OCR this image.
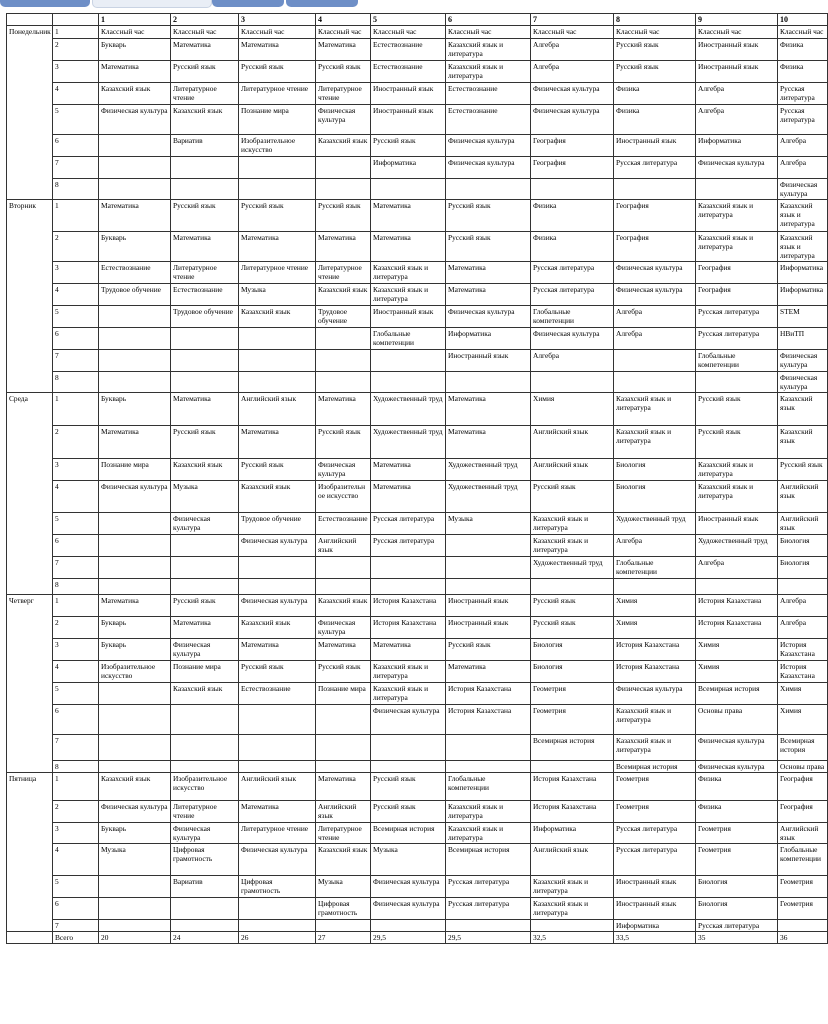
		1	2	3	4	5	6	7	8	9	10
Понедельник	1	Классный час	Классный час	Классный час	Классный час	Классный час	Классный час	Классный час	Классный час	Классный час	Классный час
	2	Букварь	Математика	Математика	Математика	Естествознание	Казахский язык и литература	Алгебра	Русский язык	Иностранный язык	Физика
	3	Математика	Русский язык	Русский язык	Русский язык	Естествознание	Казахский язык и литература	Алгебра	Русский язык	Иностранный язык	Физика
	4	Казахский язык	Литературное чтение	Литературное чтение	Литературное чтение	Иностранный язык	Естествознание	Физическая культура	Физика	Алгебра	Русская литература
	5	Физическая культура	Казахский язык	Познание мира	Физическая культура	Иностранный язык	Естествознание	Физическая культура	Физика	Алгебра	Русская литература
	6		Вариатив	Изобразительное искусство	Казахский язык	Русский язык	Физическая культура	География	Иностранный язык	Информатика	Алгебра
	7					Информатика	Физическая культура	География	Русская литература	Физическая культура	Алгебра
	8										Физическая культура
Вторник	1	Математика	Русский язык	Русский язык	Русский язык	Математика	Русский язык	Физика	География	Казахский язык и литература	Казахский язык и литература
	2	Букварь	Математика	Математика	Математика	Математика	Русский язык	Физика	География	Казахский язык и литература	Казахский язык и литература
	3	Естествознание	Литературное чтение	Литературное чтение	Литературное чтение	Казахский язык и литература	Математика	Русская литература	Физическая культура	География	Информатика
	4	Трудовое обучение	Естествознание	Музыка	Казахский язык	Казахский язык и литература	Математика	Русская литература	Физическая культура	География	Информатика
	5		Трудовое обучение	Казахский язык	Трудовое обучение	Иностранный язык	Физическая культура	Глобальные компетенции	Алгебра	Русская литература	STEM
	6					Глобальные компетенции	Информатика	Физическая культура	Алгебра	Русская литература	НВиТП
	7						Иностранный язык	Алгебра		Глобальные компетенции	Физическая культура
	8										Физическая культура
Среда	1	Букварь	Математика	Английский язык	Математика	Художественный труд	Математика	Химия	Казахский язык и литература	Русский язык	Казахский язык
	2	Математика	Русский язык	Математика	Русский язык	Художественный труд	Математика	Английский язык	Казахский язык и литература	Русский язык	Казахский язык
	3	Познание мира	Казахский язык	Русский язык	Физическая культура	Математика	Художественный труд	Английский язык	Биология	Казахский язык и литература	Русский язык
	4	Физическая культура	Музыка	Казахский язык	Изобразительное искусство	Математика	Художественный труд	Русский язык	Биология	Казахский язык и литература	Английский язык
	5		Физическая культура	Трудовое обучение	Естествознание	Русская литература	Музыка	Казахский язык и литература	Художественный труд	Иностранный язык	Английский язык
	6			Физическая культура	Английский язык	Русская литература		Казахский язык и литература	Алгебра	Художественный труд	Биология
	7							Художественный труд	Глобальные компетенции	Алгебра	Биология
	8										
Четверг	1	Математика	Русский язык	Физическая культура	Казахский язык	История Казахстана	Иностранный язык	Русский язык	Химия	История Казахстана	Алгебра
	2	Букварь	Математика	Казахский язык	Физическая культура	История Казахстана	Иностранный язык	Русский язык	Химия	История Казахстана	Алгебра
	3	Букварь	Физическая культура	Математика	Математика	Математика	Русский язык	Биология	История Казахстана	Химия	История Казахстана
	4	Изобразительное искусство	Познание мира	Русский язык	Русский язык	Казахский язык и литература	Математика	Биология	История Казахстана	Химия	История Казахстана
	5		Казахский язык	Естествознание	Познание мира	Казахский язык и литература	История Казахстана	Геометрия	Физическая культура	Всемирная история	Химия
	6					Физическая культура	История Казахстана	Геометрия	Казахский язык и литература	Основы права	Химия
	7							Всемирная история	Казахский язык и литература	Физическая культура	Всемирная история
	8								Всемирная история	Физическая культура	Основы права
Пятница	1	Казахский язык	Изобразительное искусство	Английский язык	Математика	Русский язык	Глобальные компетенции	История Казахстана	Геометрия	Физика	География
	2	Физическая культура	Литературное чтение	Математика	Английский язык	Русский язык	Казахский язык и литература	История Казахстана	Геометрия	Физика	География
	3	Букварь	Физическая культура	Литературное чтение	Литературное чтение	Всемирная история	Казахский язык и литература	Информатика	Русская литература	Геометрия	Английский язык
	4	Музыка	Цифровая грамотность	Физическая культура	Казахский язык	Музыка	Всемирная история	Английский язык	Русская литература	Геометрия	Глобальные компетенции
	5		Вариатив	Цифровая грамотность	Музыка	Физическая культура	Русская литература	Казахский язык и литература	Иностранный язык	Биология	Геометрия
	6				Цифровая грамотность	Физическая культура	Русская литература	Казахский язык и литература	Иностранный язык	Биология	Геометрия
	7								Информатика	Русская литература	
	Всего	20	24	26	27	29,5	29,5	32,5	33,5	35	36
